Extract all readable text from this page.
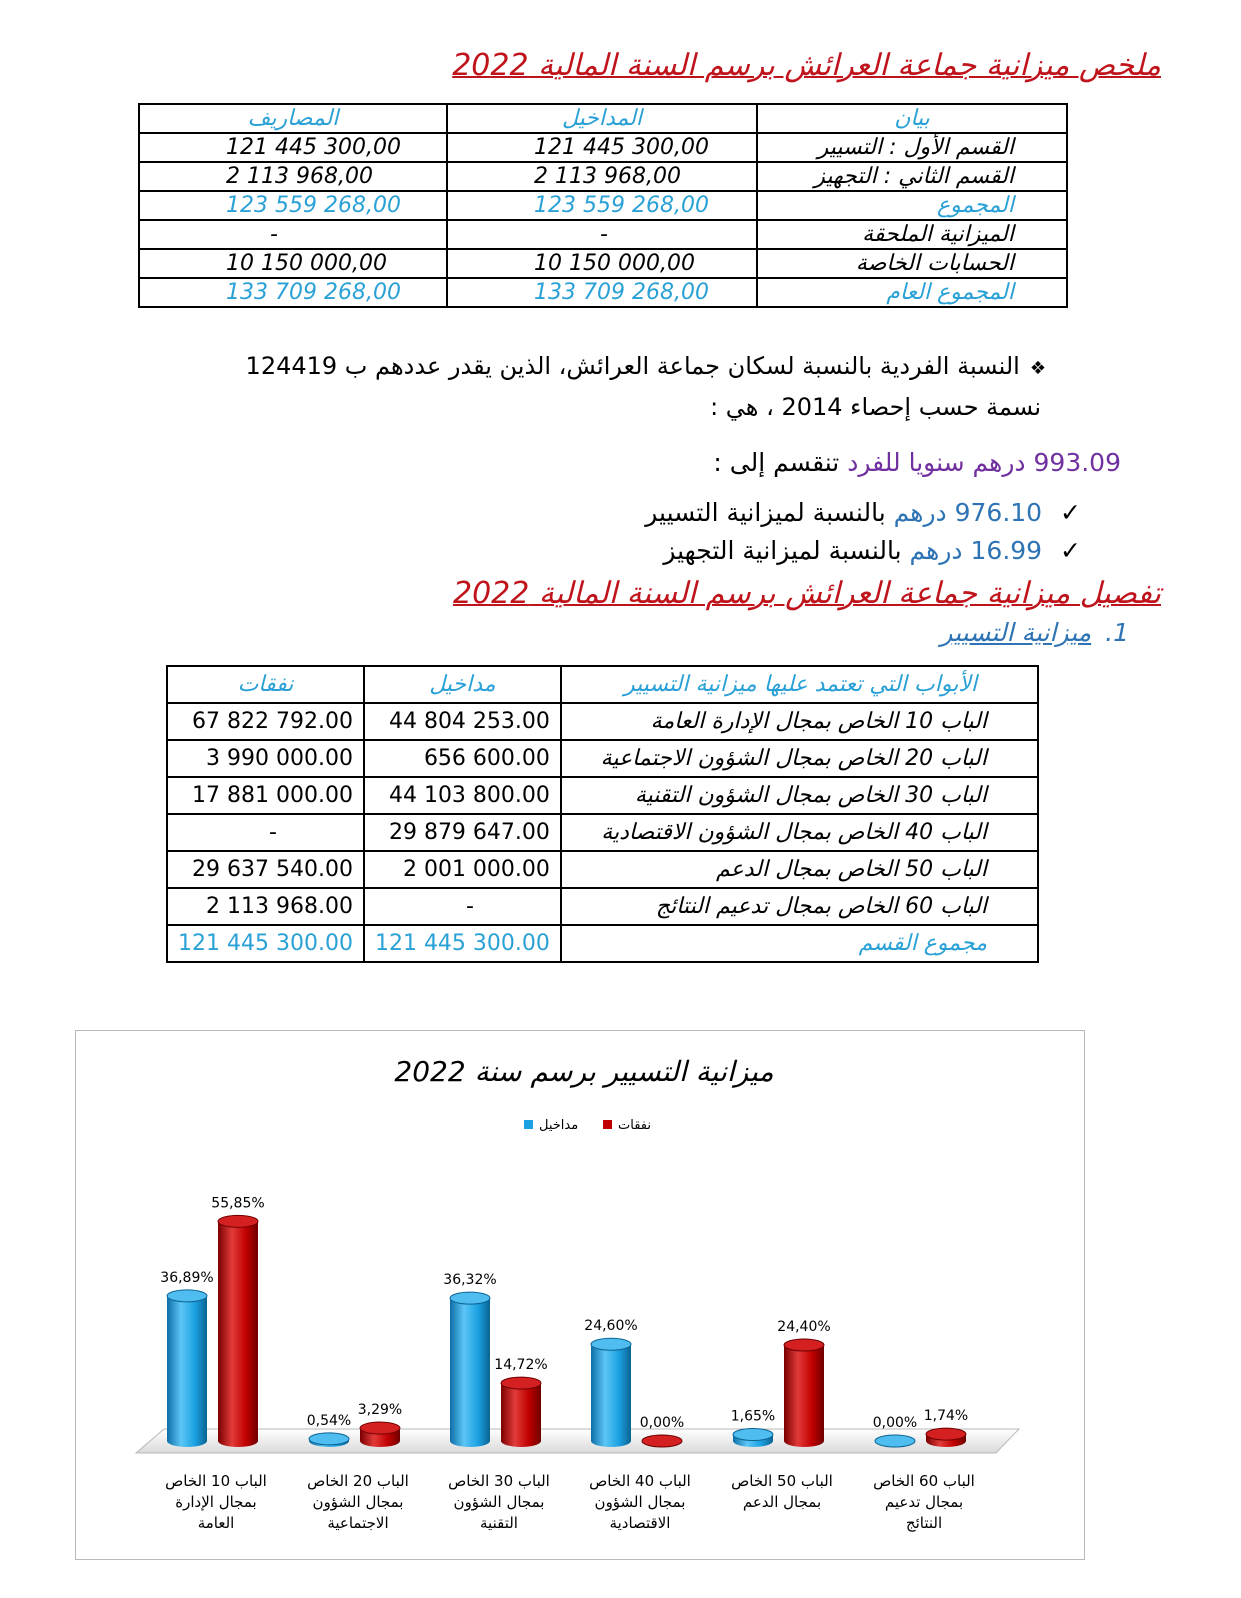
ملخص ميزانية جماعة العرائش برسم السنة المالية 2022
المصاريف	المداخيل	بيان
121 445 300,00	121 445 300,00	القسم الأول : التسيير
2 113 968,00	2 113 968,00	القسم الثاني : التجهيز
123 559 268,00	123 559 268,00	المجموع
-	-	الميزانية الملحقة
10 150 000,00	10 150 000,00	الحسابات الخاصة
133 709 268,00	133 709 268,00	المجموع العام
❖النسبة الفردية بالنسبة لسكان جماعة العرائش، الذين يقدر عددهم ب 124419
نسمة حسب إحصاء 2014 ، هي :
993.09 درهم سنويا للفرد تنقسم إلى :
✓ 976.10 درهم بالنسبة لميزانية التسيير
✓ 16.99 درهم بالنسبة لميزانية التجهيز
تفصيل ميزانية جماعة العرائش برسم السنة المالية 2022
1.ميزانية التسيير
نفقات	مداخيل	الأبواب التي تعتمد عليها ميزانية التسيير
67 822 792.00	44 804 253.00	الباب 10 الخاص بمجال الإدارة العامة
3 990 000.00	656 600.00	الباب 20 الخاص بمجال الشؤون الاجتماعية
17 881 000.00	44 103 800.00	الباب 30 الخاص بمجال الشؤون التقنية
-	29 879 647.00	الباب 40 الخاص بمجال الشؤون الاقتصادية
29 637 540.00	2 001 000.00	الباب 50 الخاص بمجال الدعم
2 113 968.00	-	الباب 60 الخاص بمجال تدعيم النتائج
121 445 300.00	121 445 300.00	مجموع القسم
ميزانية التسيير برسم سنة 2022
نفقات
مداخيل
36,89%
0,54%
36,32%
24,60%
1,65%	0,00%
55,85%
3,29%
14,72%
0,00%
24,40%
1,74%
الباب 10 الخاص
بمجال الإدارة
العامة
الباب 20 الخاص
بمجال الشؤون
الاجتماعية
الباب 30 الخاص
بمجال الشؤون
التقنية
الباب 40 الخاص
بمجال الشؤون
الاقتصادية
الباب 50 الخاص
بمجال الدعم
الباب 60 الخاص
بمجال تدعيم
النتائج
